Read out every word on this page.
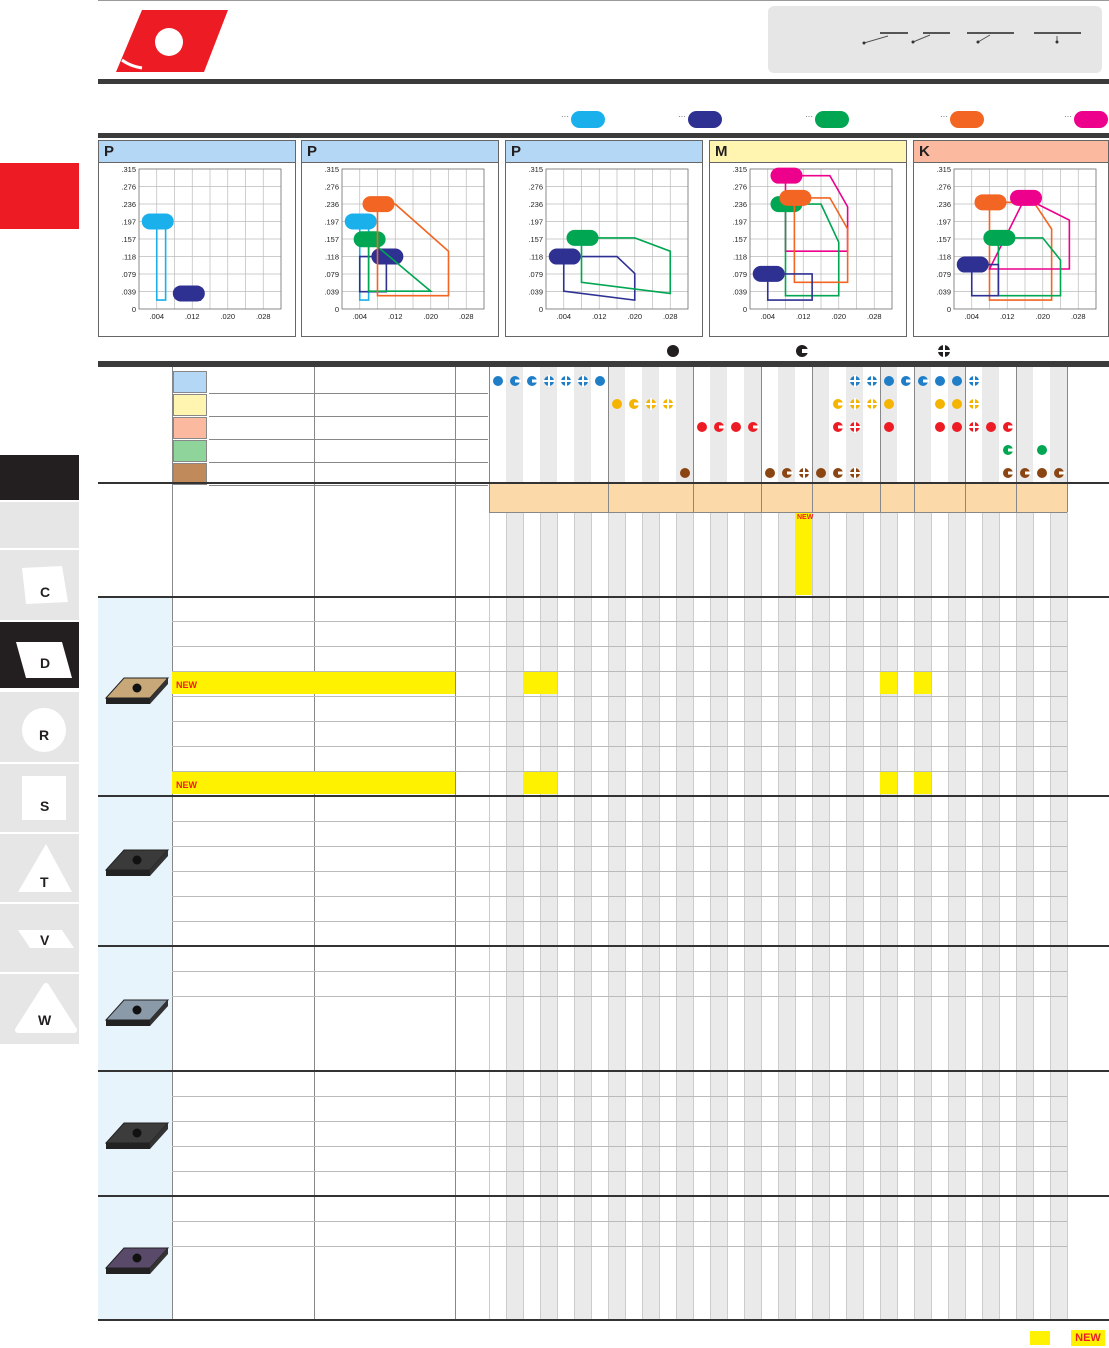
C
D
R
S
T
V
W
···	···	···	···	···
P
.315
.276
.236
.197
.157
.118
.079
.039
0
.004	.012	.020	.028
P
.315
.276
.236
.197
.157
.118
.079
.039
0
.004	.012	.020	.028
P
.315
.276
.236
.197
.157
.118
.079
.039
0
.004	.012	.020	.028
M
.315
.276
.236
.197
.157
.118
.079
.039
0
.004	.012	.020	.028
K
.315
.276
.236
.197
.157
.118
.079
.039
0
.004	.012	.020	.028
NEW
NEW
NEW
NEW
